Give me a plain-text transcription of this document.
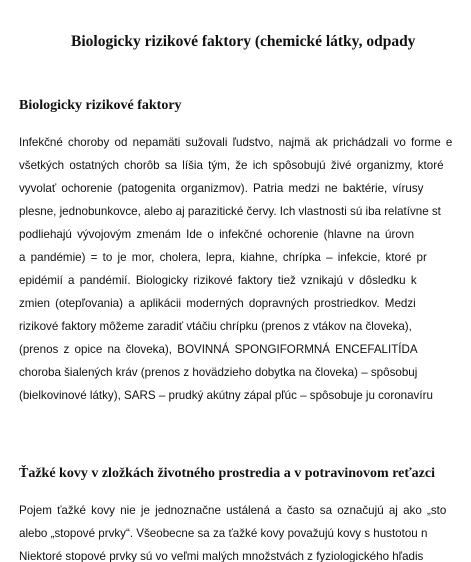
Biologicky rizikové faktory (chemické látky, odpady
Biologicky rizikové faktory
Infekčné choroby od nepamäti sužovali ľudstvo, najmä ak prichádzali vo forme e
všetkých ostatných chorôb sa líšia tým, že ich spôsobujú živé organizmy, ktoré
vyvolať ochorenie (patogenita organizmov). Patria medzi ne baktérie, vírusy
plesne, jednobunkovce, alebo aj parazitické červy. Ich vlastnosti sú iba relatívne st
podliehajú vývojovým zmenám Ide o infekčné ochorenie (hlavne na úrovn
a pandémie) = to je mor, cholera, lepra, kiahne, chrípka – infekcie, ktoré pr
epidémií a pandémií. Biologicky rizikové faktory tiež vznikajú v dôsledku k
zmien (otepľovania) a aplikácii moderných dopravných prostriedkov. Medzi
rizikové faktory môžeme zaradiť vtáčiu chrípku (prenos z vtákov na človeka),
(prenos z opice na človeka), BOVINNÁ SPONGIFORMNÁ ENCEFALITÍDA
choroba šialených kráv (prenos z hovädzieho dobytka na človeka) – spôsobuj
(bielkovinové látky), SARS – prudký akútny zápal pľúc – spôsobuje ju coronavíru
Ťažké kovy v zložkách životného prostredia a v potravinovom reťazci
Pojem ťažké kovy nie je jednoznačne ustálená a často sa označujú aj ako „sto
alebo „stopové prvky“. Všeobecne sa za ťažké kovy považujú kovy s hustotou n
Niektoré stopové prvky sú vo veľmi malých množstvách z fyziologického hľadis
